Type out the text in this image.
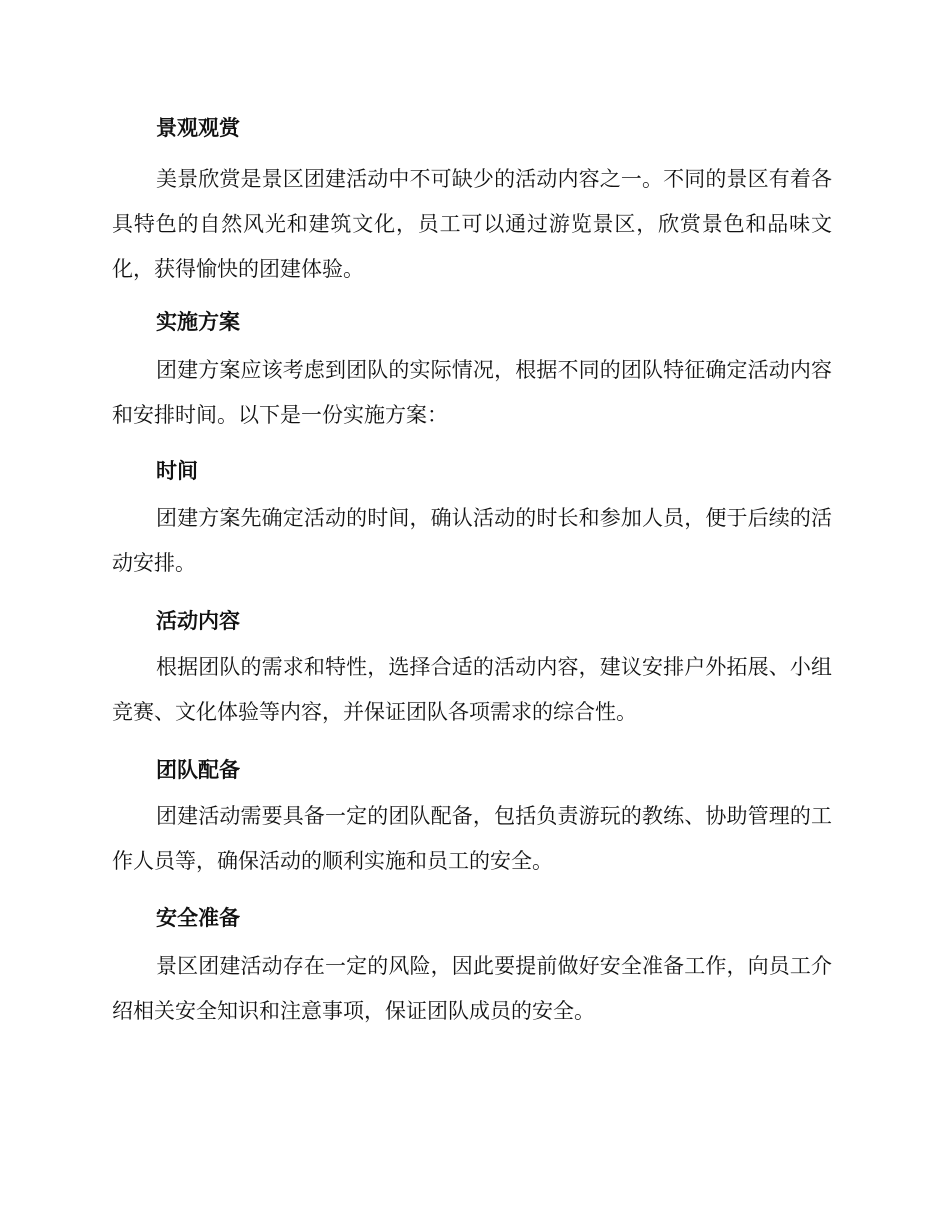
景观观赏

美景欣赏是景区团建活动中不可缺少的活动内容之一。不同的景区有着各具特色的自然风光和建筑文化，员工可以通过游览景区，欣赏景色和品味文化，获得愉快的团建体验。

实施方案

团建方案应该考虑到团队的实际情况，根据不同的团队特征确定活动内容和安排时间。以下是一份实施方案：

时间

团建方案先确定活动的时间，确认活动的时长和参加人员，便于后续的活动安排。

活动内容

根据团队的需求和特性，选择合适的活动内容，建议安排户外拓展、小组竞赛、文化体验等内容，并保证团队各项需求的综合性。

团队配备

团建活动需要具备一定的团队配备，包括负责游玩的教练、协助管理的工作人员等，确保活动的顺利实施和员工的安全。

安全准备

景区团建活动存在一定的风险，因此要提前做好安全准备工作，向员工介绍相关安全知识和注意事项，保证团队成员的安全。
